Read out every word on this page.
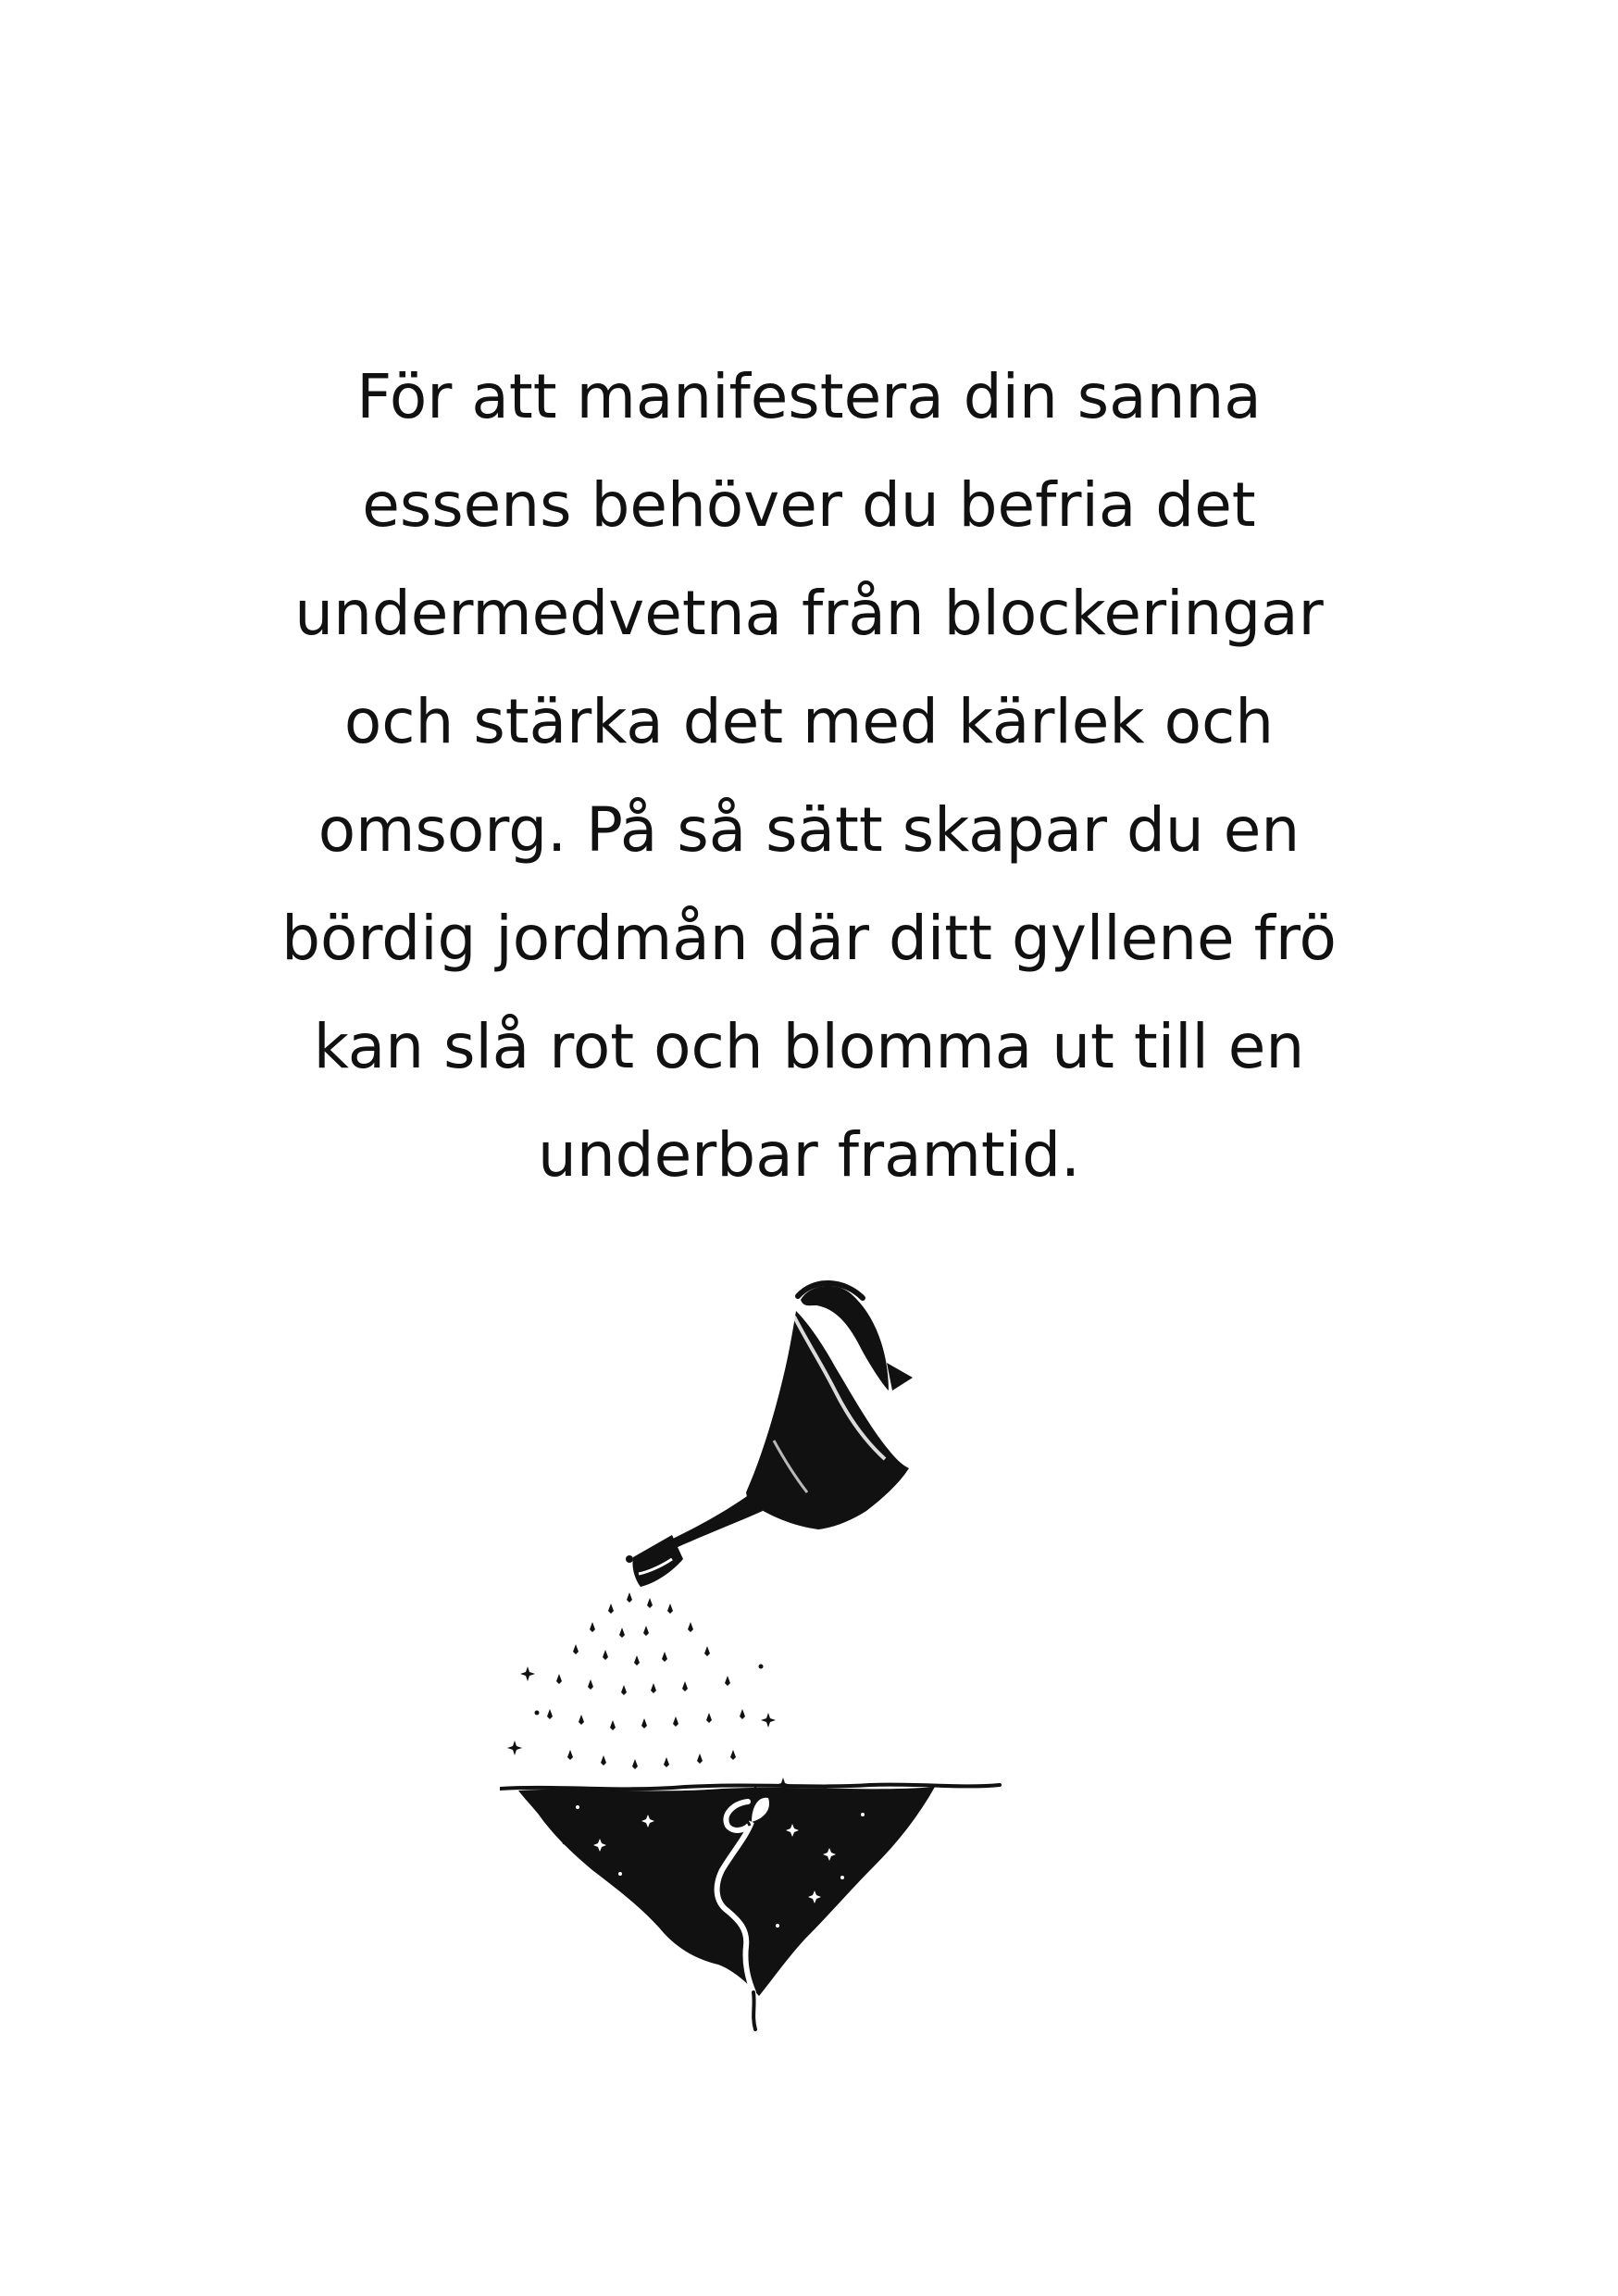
För att manifestera din sanna
essens behöver du befria det
undermedvetna från blockeringar
och stärka det med kärlek och
omsorg. På så sätt skapar du en
bördig jordmån där ditt gyllene frö
kan slå rot och blomma ut till en
underbar framtid.
